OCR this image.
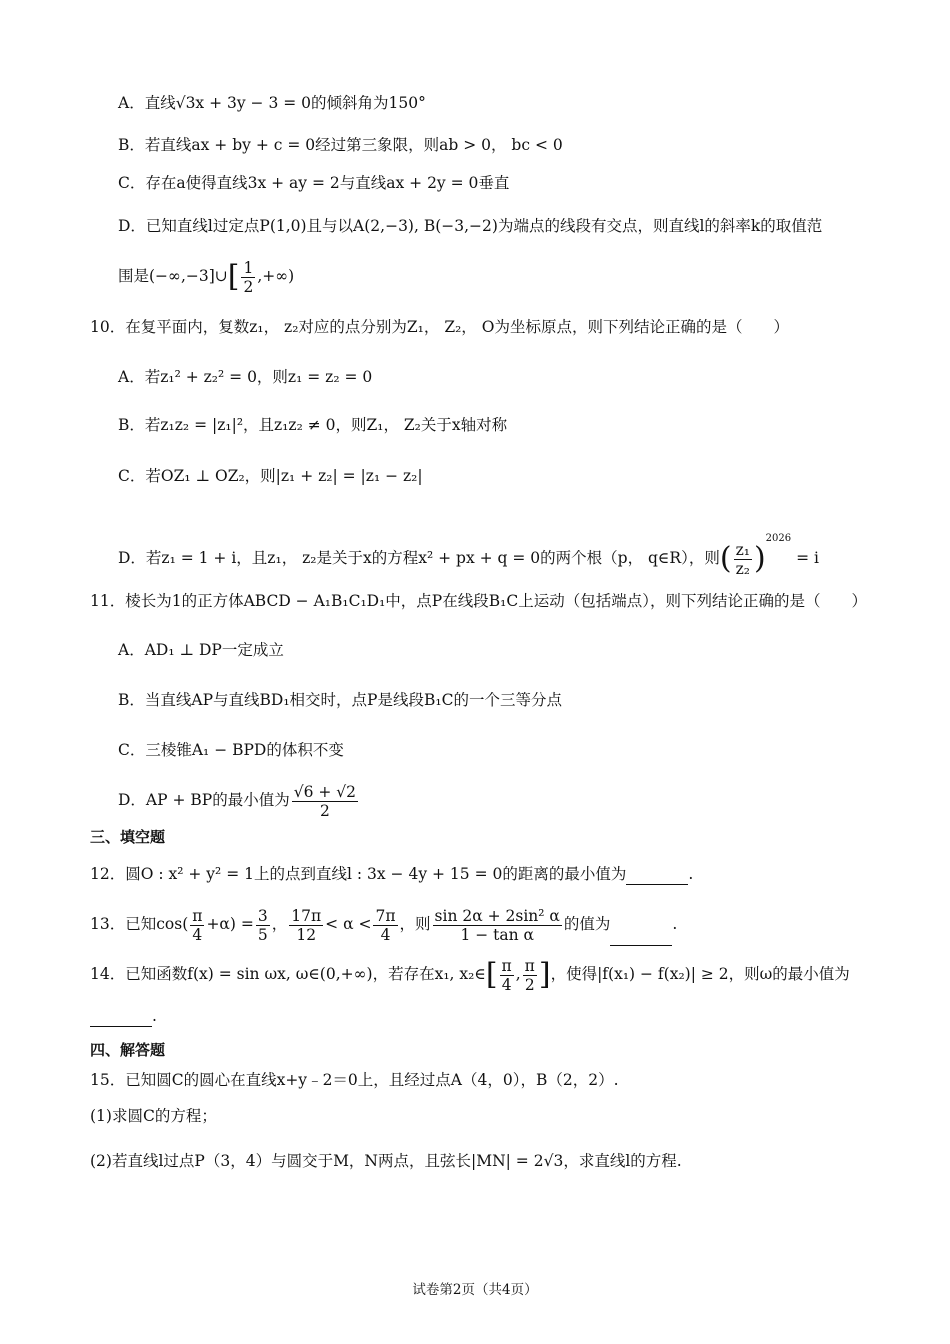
A．直线√3x + 3y − 3 = 0的倾斜角为150°
B．若直线ax + by + c = 0经过第三象限，则ab > 0， bc < 0
C．存在a使得直线3x + ay = 2与直线ax + 2y = 0垂直
D．已知直线l过定点P(1,0)且与以A(2,−3), B(−3,−2)为端点的线段有交点，则直线l的斜率k的取值范
围是(−∞,−3]∪[ $\frac{1}{2}$ ,+∞)
10．在复平面内，复数z₁， z₂对应的点分别为Z₁， Z₂， O为坐标原点，则下列结论正确的是（　　）
A．若z₁² + z₂² = 0，则z₁ = z₂ = 0
B．若z₁z₂ = |z₁|²，且z₁z₂ ≠ 0，则Z₁， Z₂关于x轴对称
C．若OZ₁ ⊥ OZ₂，则|z₁ + z₂| = |z₁ − z₂|
D．若z₁ = 1 + i，且z₁， z₂是关于x的方程x² + px + q = 0的两个根（p， q∈R），则( $\frac{\text{z₁}}{\text{z₂}} )^{2026} = i$
11．棱长为1的正方体ABCD − A₁B₁C₁D₁中，点P在线段B₁C上运动（包括端点），则下列结论正确的是（　　）
A．AD₁ ⊥ DP一定成立
B．当直线AP与直线BD₁相交时，点P是线段B₁C的一个三等分点
C．三棱锥A₁ − BPD的体积不变
D．AP + BP的最小值为 $\frac{√6 + √2}{2}$
三、填空题
12．圆O : x² + y² = 1上的点到直线l : 3x − 4y + 15 = 0的距离的最小值为	.
13．已知$\cos( \frac{\pi}{4} +\alpha) = \frac{3}{5}$ ， $\frac{17\pi}{12} < \alpha < \frac{7\pi}{4}$ ，则 $\frac{\text{sin 2α + 2sin² α}}{\text{1 − tan α}}$ 的值为	.
14．已知函数f(x) = sin ωx, ω∈(0,+∞)，若存在x₁, x₂∈[ $\frac{\pi}{4}$ , $\frac{\pi}{2}$ ]，使得|f(x₁) − f(x₂)| ≥ 2，则ω的最小值为
.
四、解答题
15．已知圆C的圆心在直线x+y﹣2＝0上，且经过点A（4，0），B（2，2）.
(1)求圆C的方程；
(2)若直线l过点P（3，4）与圆交于M，N两点，且弦长|MN| = 2√3，求直线l的方程.
试卷第2页（共4页）
